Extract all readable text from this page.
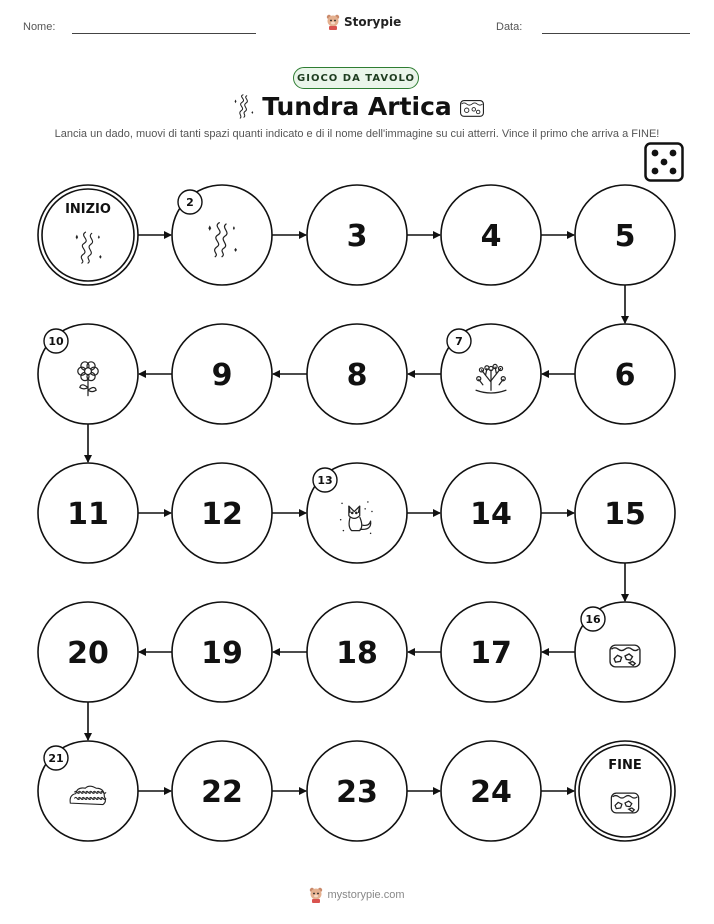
Nome:	Storypie	Data:
GIOCO DA TAVOLO
Tundra Artica
Lancia un dado, muovi di tanti spazi quanti indicato e di il nome dell'immagine su cui atterri. Vince il primo che arriva a FINE!
INIZIO	2
3	4	5
6
7
8
9
10
11	12
13
14	15
16
17
18
19
20
21
22	23	24
FINE
mystorypie.com
